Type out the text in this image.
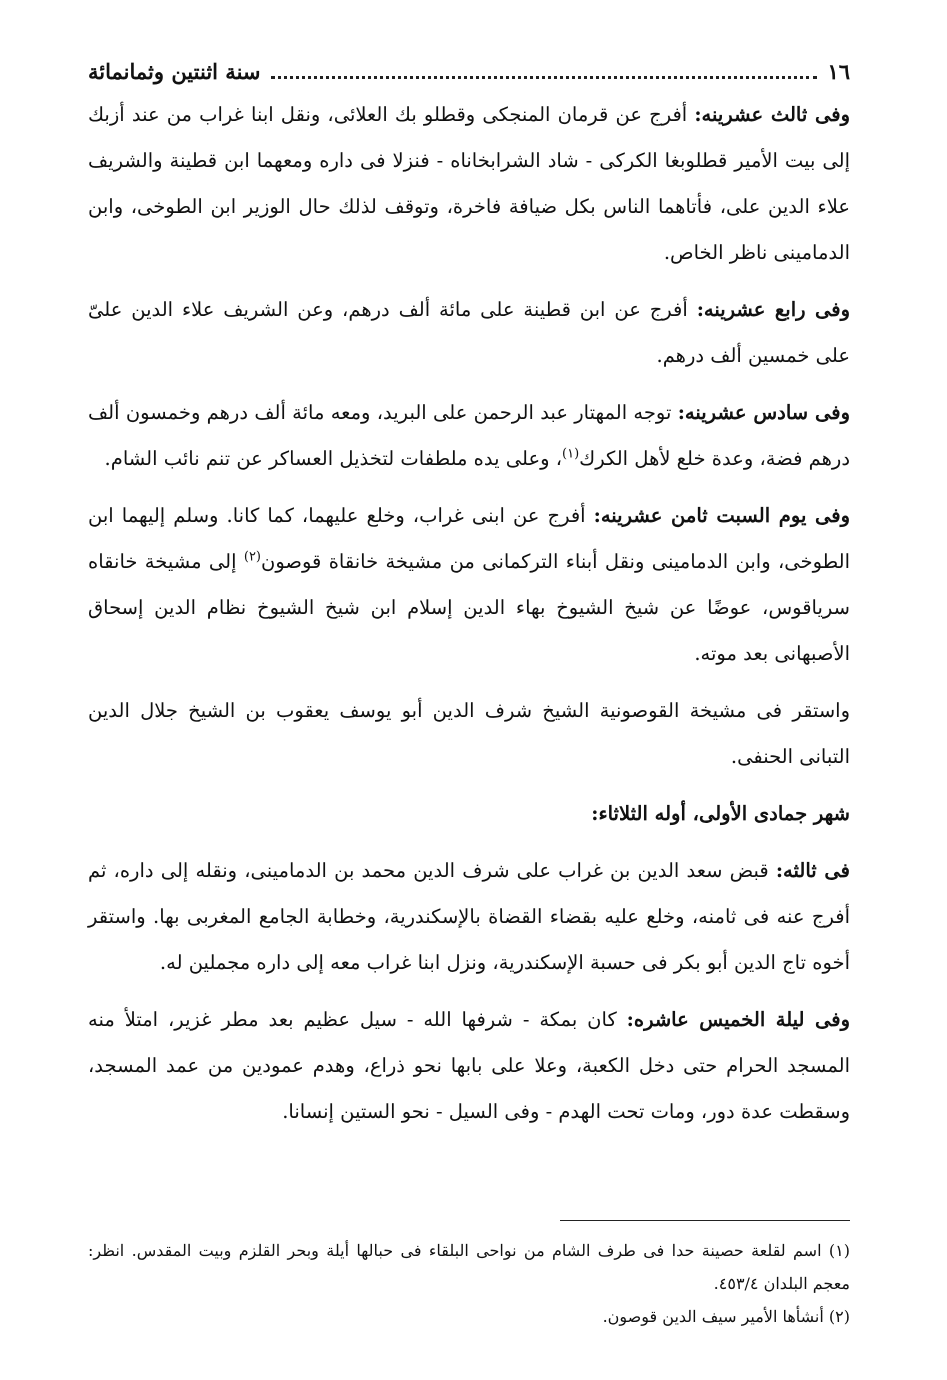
١٦
سنة اثنتين وثمانمائة

وفى ثالث عشرينه: أفرج عن قرمان المنجكى وقطلو بك العلائى، ونقل ابنا غراب من عند أزبك إلى بيت الأمير قطلوبغا الكركى - شاد الشرابخاناه - فنزلا فى داره ومعهما ابن قطينة والشريف علاء الدين على، فأتاهما الناس بكل ضيافة فاخرة، وتوقف لذلك حال الوزير ابن الطوخى، وابن الدمامينى ناظر الخاص.

وفى رابع عشرينه: أفرج عن ابن قطينة على مائة ألف درهم، وعن الشريف علاء الدين علىّ على خمسين ألف درهم.

وفى سادس عشرينه: توجه المهتار عبد الرحمن على البريد، ومعه مائة ألف درهم وخمسون ألف درهم فضة، وعدة خلع لأهل الكرك$^{(١)}$، وعلى يده ملطفات لتخذيل العساكر عن تنم نائب الشام.

وفى يوم السبت ثامن عشرينه: أفرج عن ابنى غراب، وخلع عليهما، كما كانا. وسلم إليهما ابن الطوخى، وابن الدمامينى ونقل أبناء التركمانى من مشيخة خانقاة قوصون$^{(٢)}$ إلى مشيخة خانقاه سرياقوس، عوضًا عن شيخ الشيوخ بهاء الدين إسلام ابن شيخ الشيوخ نظام الدين إسحاق الأصبهانى بعد موته.

واستقر فى مشيخة القوصونية الشيخ شرف الدين أبو يوسف يعقوب بن الشيخ جلال الدين التبانى الحنفى.

شهر جمادى الأولى، أوله الثلاثاء:

فى ثالثه: قبض سعد الدين بن غراب على شرف الدين محمد بن الدمامينى، ونقله إلى داره، ثم أفرج عنه فى ثامنه، وخلع عليه بقضاء القضاة بالإسكندرية، وخطابة الجامع المغربى بها. واستقر أخوه تاج الدين أبو بكر فى حسبة الإسكندرية، ونزل ابنا غراب معه إلى داره مجملين له.

وفى ليلة الخميس عاشره: كان بمكة - شرفها الله - سيل عظيم بعد مطر غزير، امتلأ منه المسجد الحرام حتى دخل الكعبة، وعلا على بابها نحو ذراع، وهدم عمودين من عمد المسجد، وسقطت عدة دور، ومات تحت الهدم - وفى السيل - نحو الستين إنسانا.

(١) اسم لقلعة حصينة حدا فى طرف الشام من نواحى البلقاء فى حبالها أيلة وبحر القلزم وبيت المقدس. انظر: معجم البلدان ٤٥٣/٤.

(٢) أنشأها الأمير سيف الدين قوصون.
